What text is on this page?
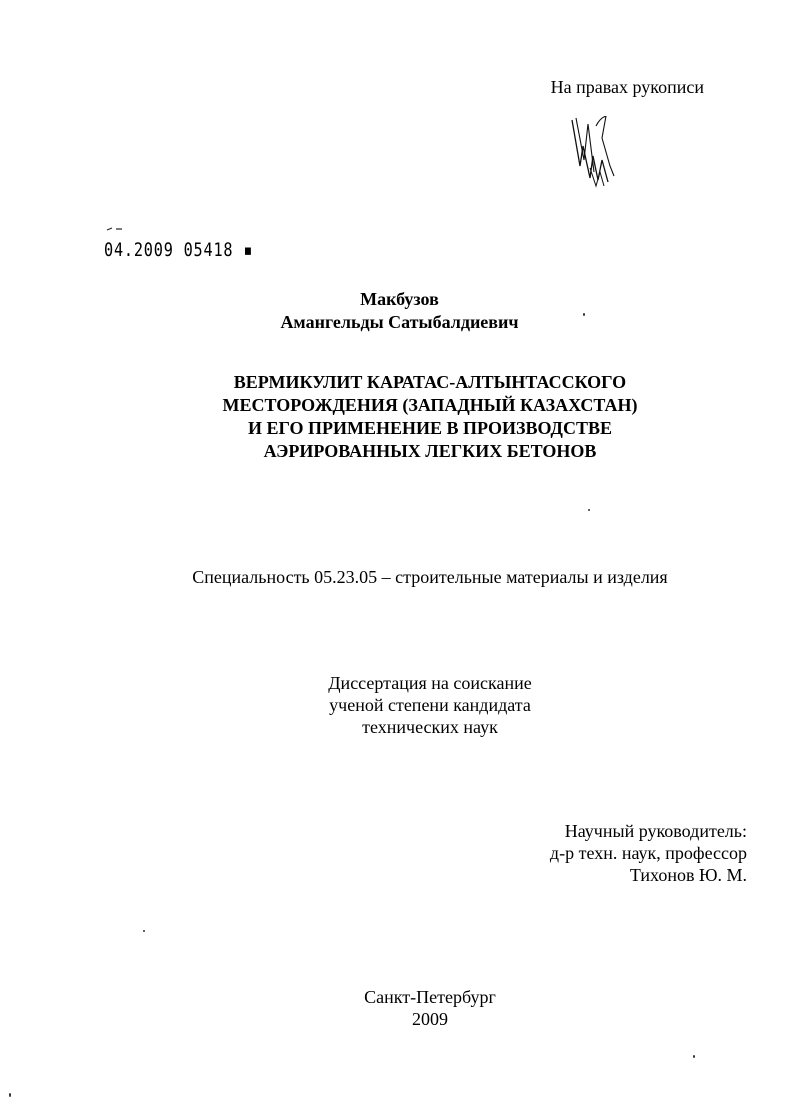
На правах рукописи
04.2009 05418 ▪
Макбузов
Амангельды Сатыбалдиевич
ВЕРМИКУЛИТ КАРАТАС-АЛТЫНТАССКОГО
МЕСТОРОЖДЕНИЯ (ЗАПАДНЫЙ КАЗАХСТАН)
И ЕГО ПРИМЕНЕНИЕ В ПРОИЗВОДСТВЕ
АЭРИРОВАННЫХ ЛЕГКИХ БЕТОНОВ
Специальность 05.23.05 – строительные материалы и изделия
Диссертация на соискание
ученой степени кандидата
технических наук
Научный руководитель:
д-р техн. наук, профессор
Тихонов Ю. М.
Санкт-Петербург
2009
